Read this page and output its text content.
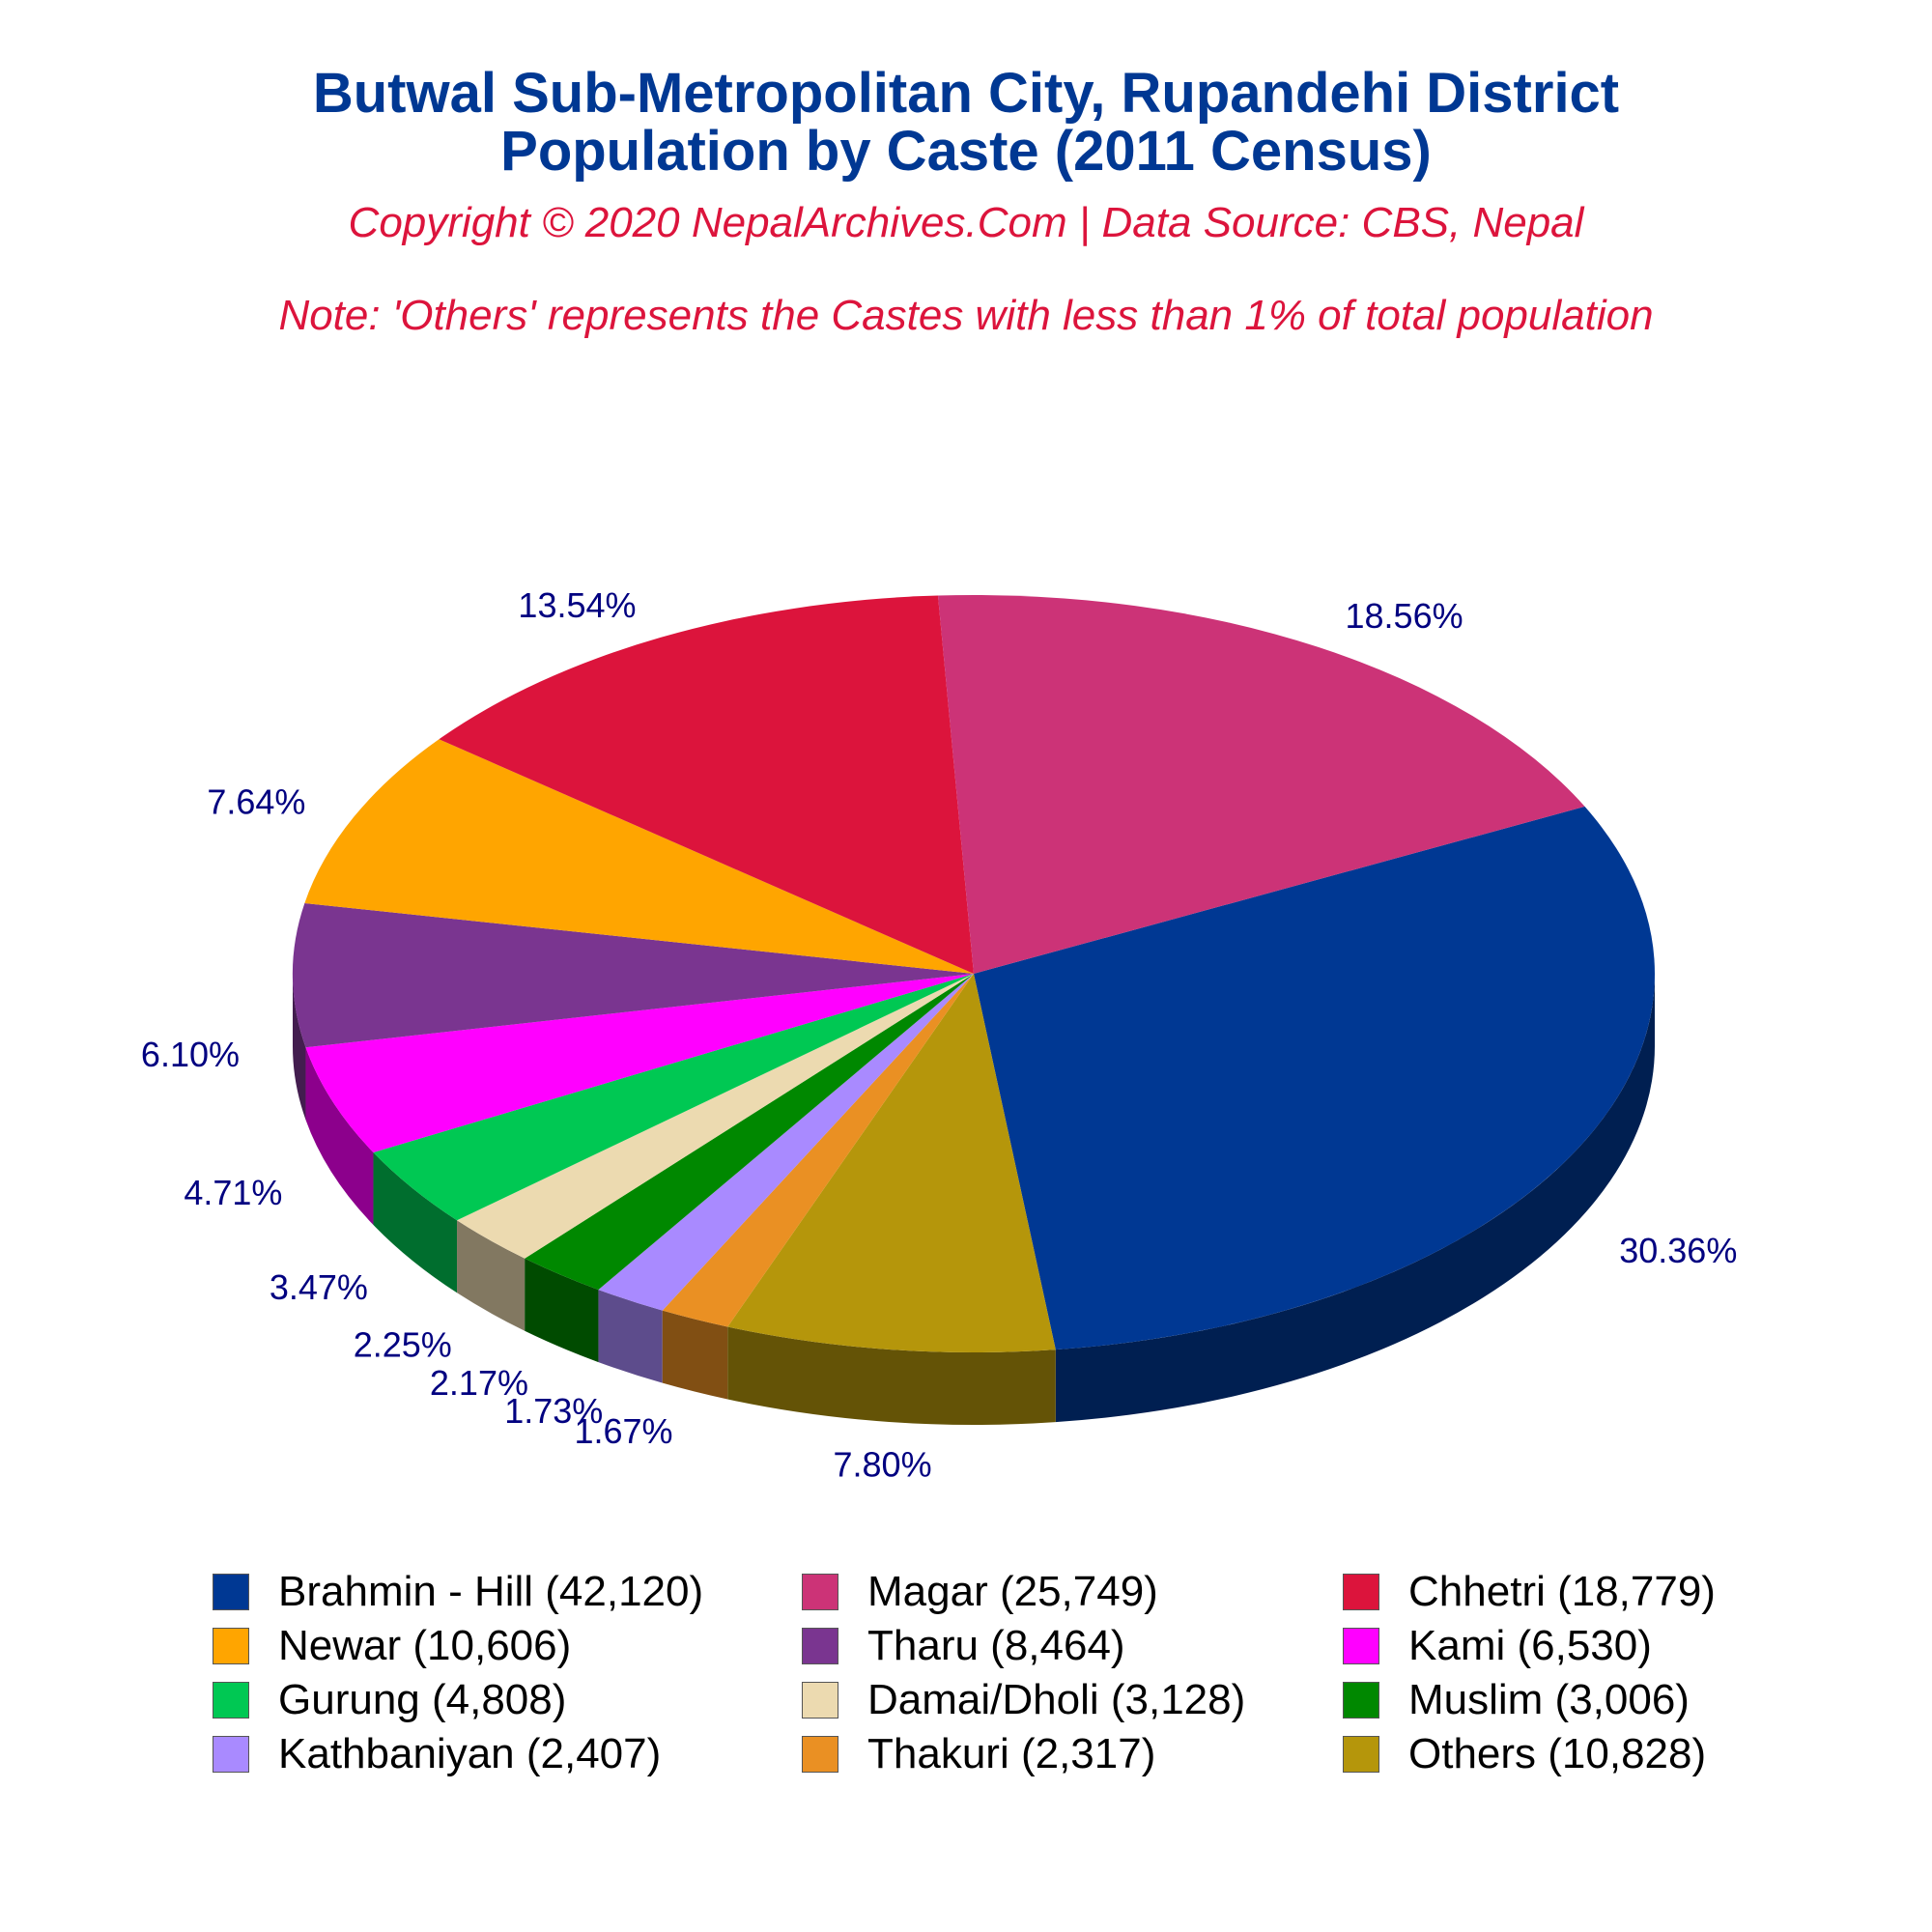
Butwal Sub-Metropolitan City, Rupandehi District
Population by Caste (2011 Census)
Copyright © 2020 NepalArchives.Com | Data Source: CBS, Nepal
Note: 'Others' represents the Castes with less than 1% of total population
30.36%
7.80%
1.67%
1.73%
2.17%
2.25%
3.47%
4.71%
6.10%
7.64%
13.54%	18.56%
Brahmin - Hill (42,120)	Magar (25,749)	Chhetri (18,779)
Newar (10,606)	Tharu (8,464)	Kami (6,530)
Gurung (4,808)	Damai/Dholi (3,128)	Muslim (3,006)
Kathbaniyan (2,407)	Thakuri (2,317)	Others (10,828)
